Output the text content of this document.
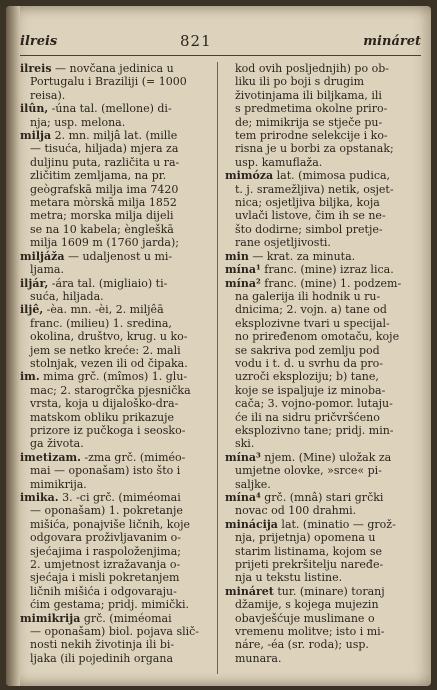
ilreis	821	mináret
ilreis — novčana jedinica u
Portugalu i Braziliji (= 1000
reisa).
ilûn, -úna tal. (mellone) di-
nja; usp. melona.
milja 2. mn. miljâ lat. (mille
— tisuća, hiljada) mjera za
duljinu puta, različita u ra-
zličitim zemljama, na pr.
geògrafskā milja ima 7420
metara mòrskā milja 1852
metra; morska milja dijeli
se na 10 kabela; èngleškā
milja 1609 m (1760 jarda);
miljáža — udaljenost u mi-
ljama.
iljár, -ára tal. (migliaio) ti-
suća, hiljada.
iljê, -èa. mn. -èi, 2. miljêā
franc. (milieu) 1. sredina,
okolina, društvo, krug. u ko-
jem se netko kreće: 2. mali
stolnjak, vezen ili od čipaka.
im. mima grč. (mîmos) 1. glu-
mac; 2. starogrčka pjesnička
vrsta, koja u dijaloško-dra-
matskom obliku prikazuje
prizore iz pučkoga i seosko-
ga života.
imetizam. -zma grč. (miméo-
mai — oponašam) isto što i
mimikrija.
imika. 3. -ci grč. (miméomai
— oponašam) 1. pokretanje
mišića, ponajviše ličnih, koje
odgovara proživljavanim o-
sjećajima i raspoloženjima;
2. umjetnost izražavanja o-
sjećaja i misli pokretanjem
ličnih mišića i odgovaraju-
ćim gestama; pridj. mimički.
mimikrija grč. (miméomai
— oponašam) biol. pojava slič-
nosti nekih životinja ili bi-
ljaka (ili pojedinih organa
kod ovih posljednjih) po ob-
liku ili po boji s drugim
životinjama ili biljkama, ili
s predmetima okolne priro-
de; mimikrija se stječe pu-
tem prirodne selekcije i ko-
risna je u borbi za opstanak;
usp. kamuflaža.
mimóza lat. (mimosa pudica,
t. j. sramežljiva) netik, osjet-
nica; osjetljiva biljka, koja
uvlači listove, čim ih se ne-
što dodirne; simbol pretje-
rane osjetljivosti.
min — krat. za minuta.
mína¹ franc. (mine) izraz lica.
mína² franc. (mine) 1. podzem-
na galerija ili hodnik u ru-
dnicima; 2. vojn. a) tane od
eksplozivne tvari u specijal-
no priređenom omotaču, koje
se sakriva pod zemlju pod
vodu i t. d. u svrhu da pro-
uzroči eksploziju; b) tane,
koje se ispaljuje iz minoba-
cača; 3. vojno-pomor. lutaju-
će ili na sidru pričvršćeno
eksplozivno tane; pridj. min-
ski.
mína³ njem. (Mine) uložak za
umjetne olovke, »srce« pi-
saljke.
mína⁴ grč. (mnâ) stari grčki
novac od 100 drahmi.
minácija lat. (minatio — grož-
nja, prijetnja) opomena u
starim listinama, kojom se
prijeti prekršitelju naređe-
nja u tekstu listine.
mináret tur. (minare) toranj
džamije, s kojega mujezin
obavješćuje muslimane o
vremenu molitve; isto i mi-
náre, -éa (sr. roda); usp.
munara.
